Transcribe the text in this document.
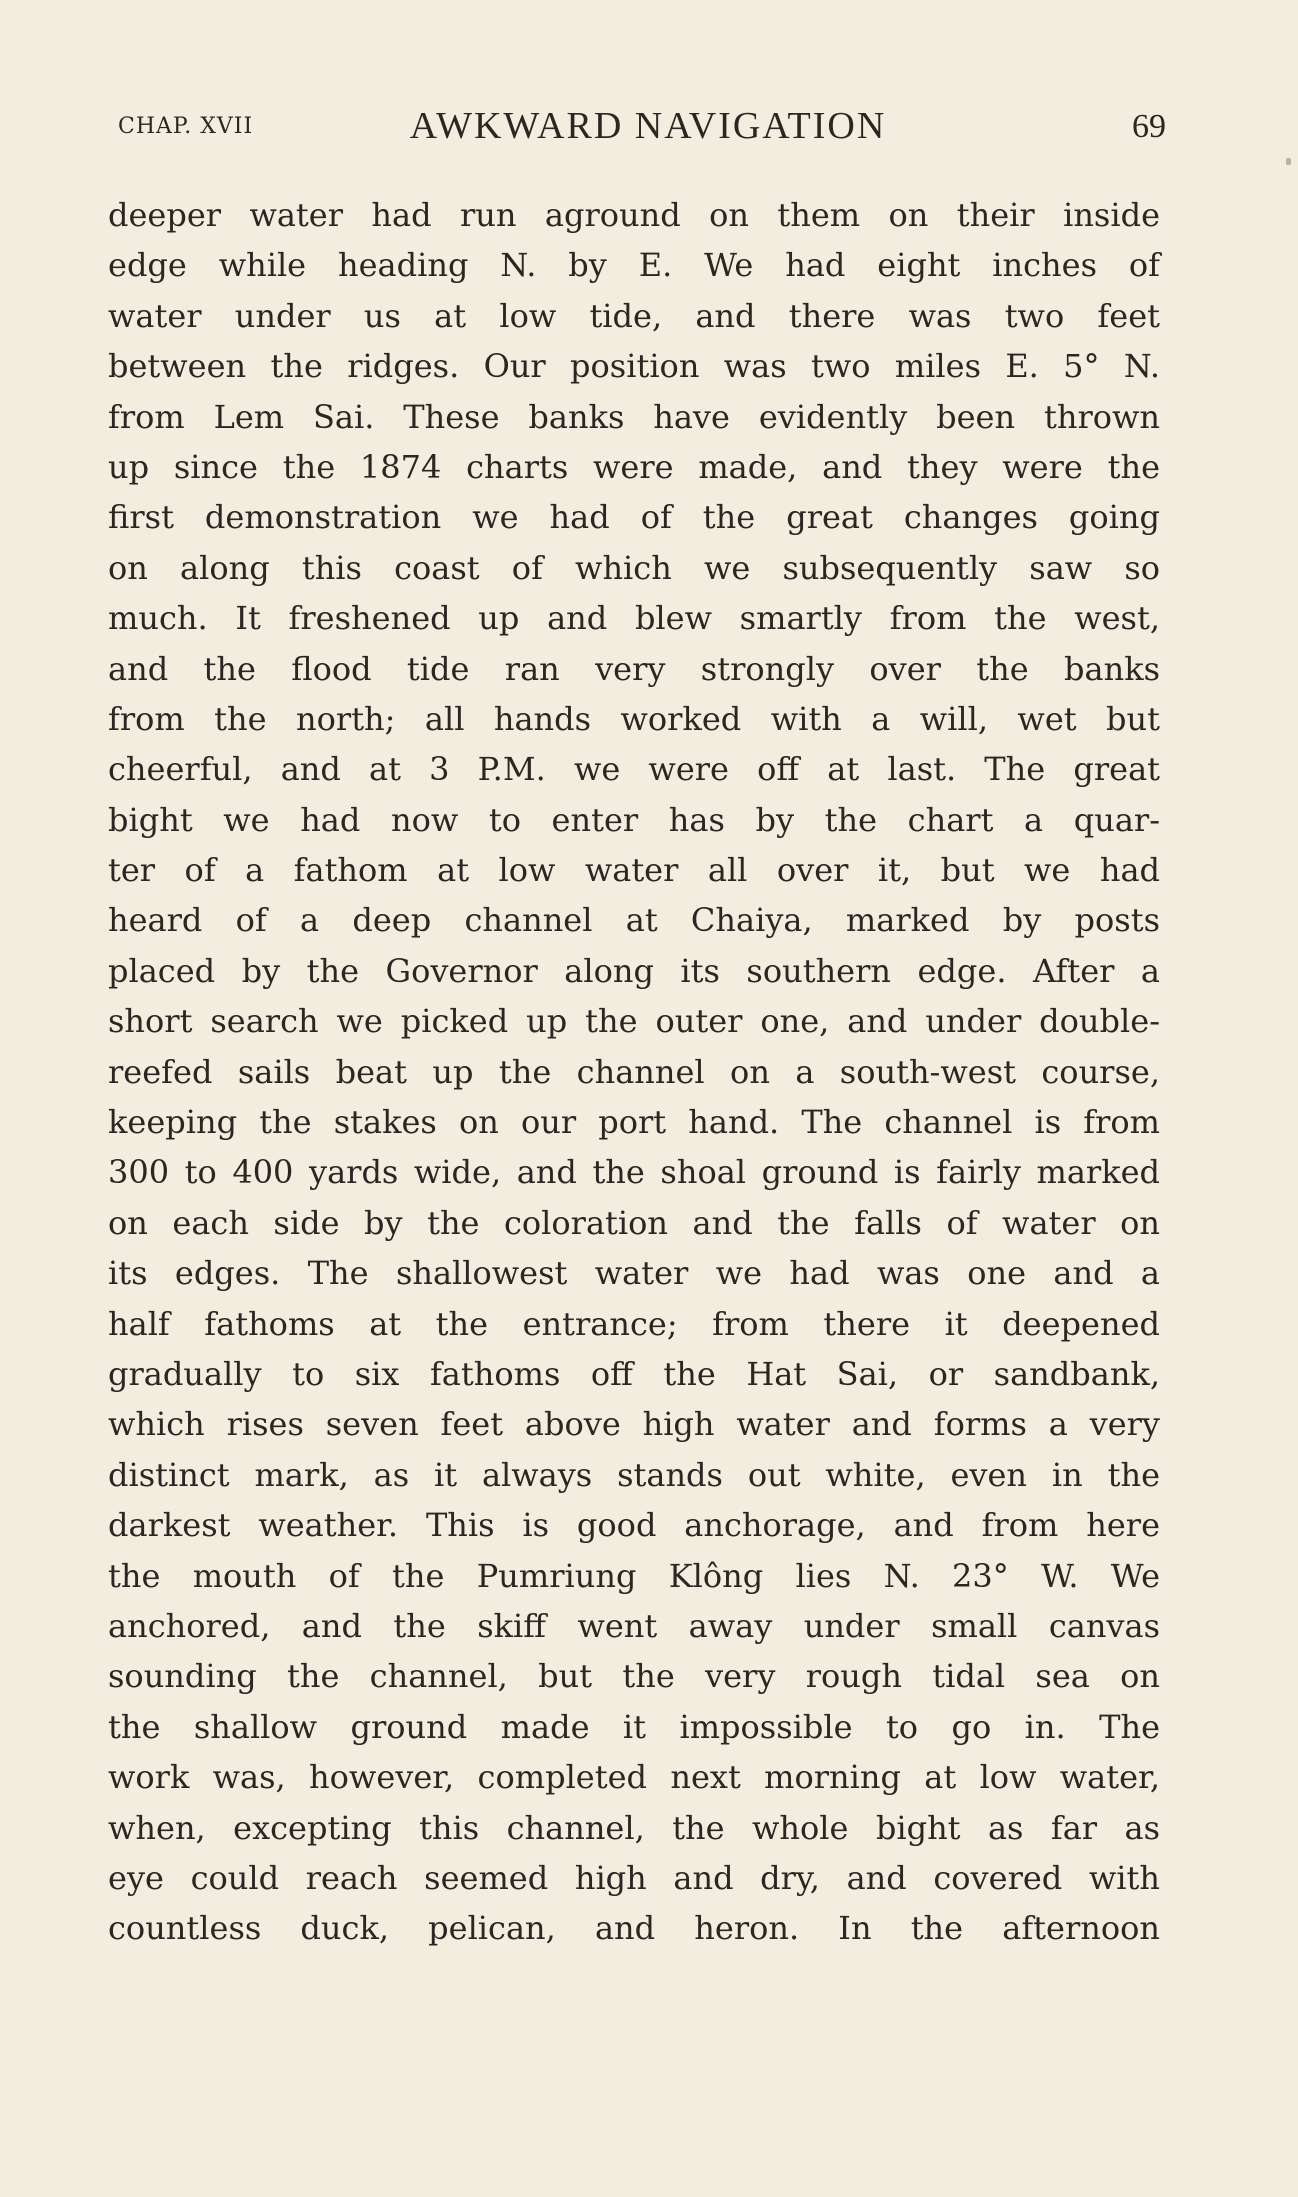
CHAP. XVII	AWKWARD NAVIGATION	69
deeper water had run aground on them on their inside
edge while heading N. by E. We had eight inches of
water under us at low tide, and there was two feet
between the ridges. Our position was two miles E. 5° N.
from Lem Sai. These banks have evidently been thrown
up since the 1874 charts were made, and they were the
first demonstration we had of the great changes going
on along this coast of which we subsequently saw so
much. It freshened up and blew smartly from the west,
and the flood tide ran very strongly over the banks
from the north; all hands worked with a will, wet but
cheerful, and at 3 P.M. we were off at last. The great
bight we had now to enter has by the chart a quar-
ter of a fathom at low water all over it, but we had
heard of a deep channel at Chaiya, marked by posts
placed by the Governor along its southern edge. After a
short search we picked up the outer one, and under double-
reefed sails beat up the channel on a south-west course,
keeping the stakes on our port hand. The channel is from
300 to 400 yards wide, and the shoal ground is fairly marked
on each side by the coloration and the falls of water on
its edges. The shallowest water we had was one and a
half fathoms at the entrance; from there it deepened
gradually to six fathoms off the Hat Sai, or sandbank,
which rises seven feet above high water and forms a very
distinct mark, as it always stands out white, even in the
darkest weather. This is good anchorage, and from here
the mouth of the Pumriung Klông lies N. 23° W. We
anchored, and the skiff went away under small canvas
sounding the channel, but the very rough tidal sea on
the shallow ground made it impossible to go in. The
work was, however, completed next morning at low water,
when, excepting this channel, the whole bight as far as
eye could reach seemed high and dry, and covered with
countless duck, pelican, and heron. In the afternoon
